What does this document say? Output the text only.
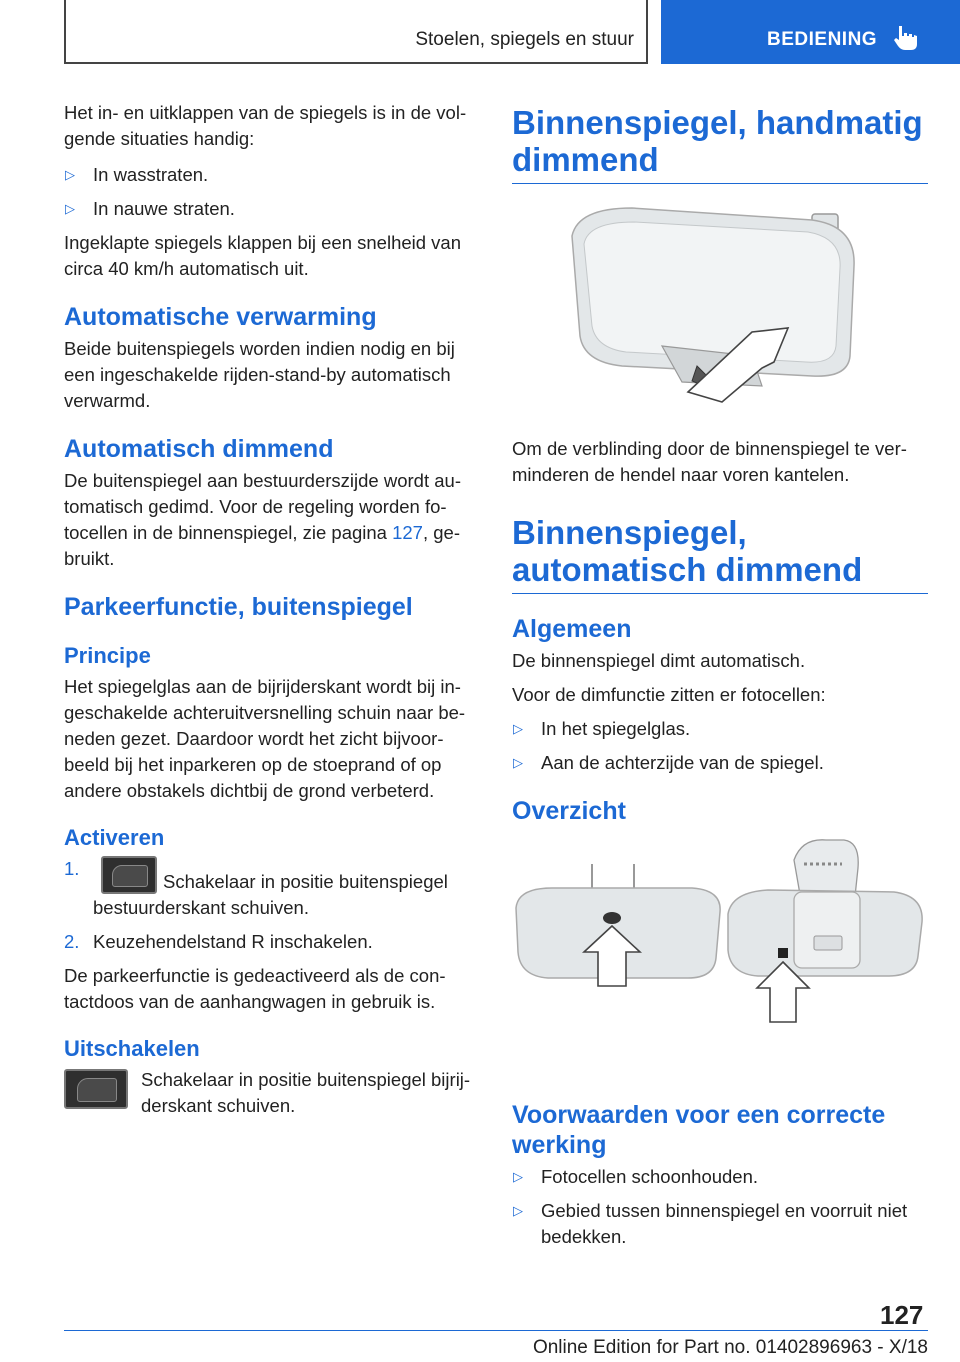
Stoelen, spiegels en stuur	BEDIENING

Het in- en uitklappen van de spiegels is in de volgende situaties handig:

▷ In wasstraten.
▷ In nauwe straten.

Ingeklapte spiegels klappen bij een snelheid van circa 40 km/h automatisch uit.

Automatische verwarming

Beide buitenspiegels worden indien nodig en bij een ingeschakelde rijden-stand-by automatisch verwarmd.

Automatisch dimmend

De buitenspiegel aan bestuurderszijde wordt automatisch gedimd. Voor de regeling worden fotocellen in de binnenspiegel, zie pagina 127, gebruikt.

Parkeerfunctie, buitenspiegel
Principe

Het spiegelglas aan de bijrijderskant wordt bij ingeschakelde achteruitversnelling schuin naar beneden gezet. Daardoor wordt het zicht bijvoorbeeld bij het inparkeren op de stoeprand of op andere obstakels dichtbij de grond verbeterd.

Activeren
1.
Schakelaar in positie buitenspiegel bestuurderskant schuiven.
2. Keuzehendelstand R inschakelen.

De parkeerfunctie is gedeactiveerd als de contactdoos van de aanhangwagen in gebruik is.

Uitschakelen
Schakelaar in positie buitenspiegel bijrijderskant schuiven.
Binnenspiegel, handmatig dimmend

Om de verblinding door de binnenspiegel te verminderen de hendel naar voren kantelen.

Binnenspiegel, automatisch dimmend
Algemeen

De binnenspiegel dimt automatisch.

Voor de dimfunctie zitten er fotocellen:

▷ In het spiegelglas.
▷ Aan de achterzijde van de spiegel.
Overzicht
Voorwaarden voor een correcte werking
▷ Fotocellen schoonhouden.
▷ Gebied tussen binnenspiegel en voorruit niet bedekken.
127
Online Edition for Part no. 01402896963 - X/18
